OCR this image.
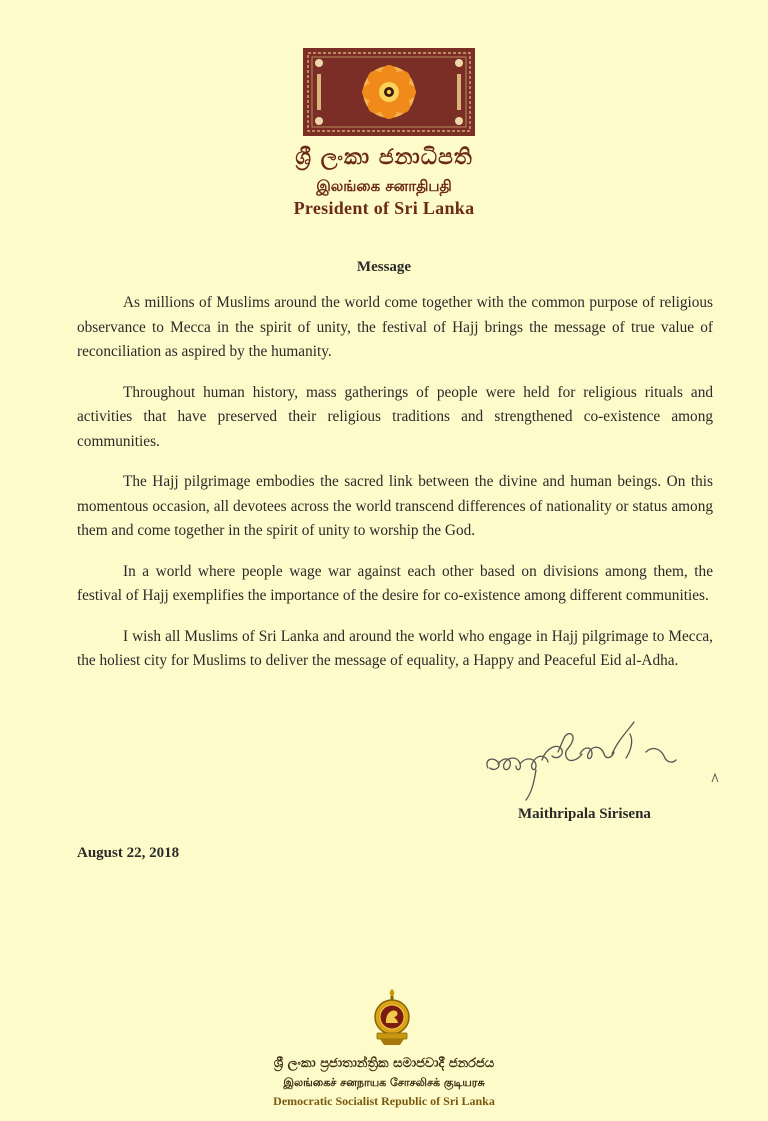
ශ්‍රී ලංකා ජනාධිපති
இலங்கை சனாதிபதி
President of Sri Lanka
Message

As millions of Muslims around the world come together with the common purpose of religious observance to Mecca in the spirit of unity, the festival of Hajj brings the message of true value of reconciliation as aspired by the humanity.

Throughout human history, mass gatherings of people were held for religious rituals and activities that have preserved their religious traditions and strengthened co-existence among communities.

The Hajj pilgrimage embodies the sacred link between the divine and human beings. On this momentous occasion, all devotees across the world transcend differences of nationality or status among them and come together in the spirit of unity to worship the God.

In a world where people wage war against each other based on divisions among them, the festival of Hajj exemplifies the importance of the desire for co-existence among different communities.

I wish all Muslims of Sri Lanka and around the world who engage in Hajj pilgrimage to Mecca, the holiest city for Muslims to deliver the message of equality, a Happy and Peaceful Eid al-Adha.

Maithripala Sirisena
August 22, 2018
ශ්‍රී ලංකා ප්‍රජාතාන්ත්‍රික සමාජවාදී ජනරජය
இலங்கைச் சனநாயக சோசலிசக் குடியரசு
Democratic Socialist Republic of Sri Lanka
